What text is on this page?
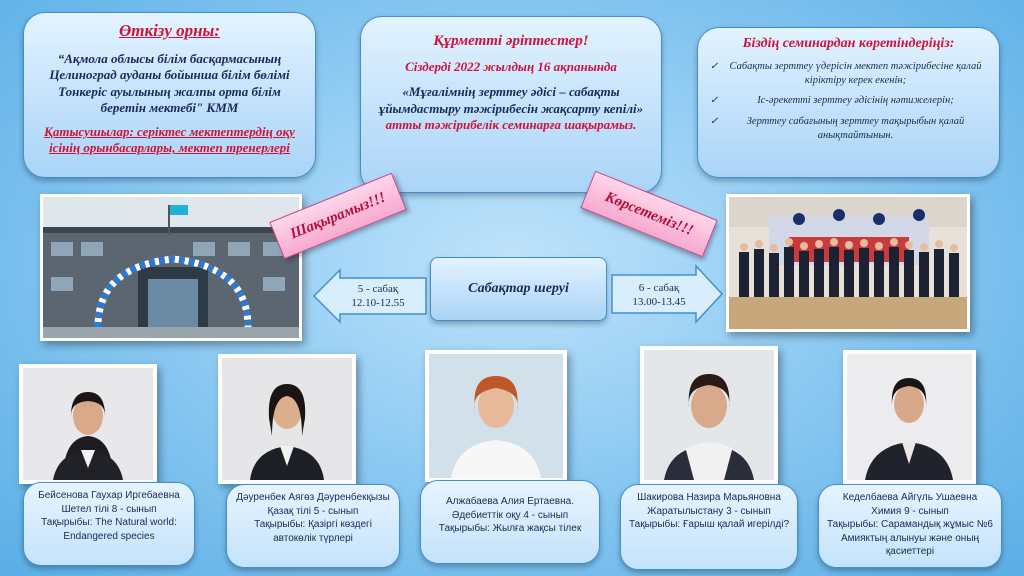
Өткізу орны:
“Ақмола облысы білім басқармасының Целиноград ауданы бойынша білім бөлімі Тонкеріс ауылының жалпы орта білім беретін мектебі" КММ
Қатысушылар: серіктес мектептердің оқу ісінің орынбасарлары, мектеп тренерлері
Құрметті әріптестер!
Сіздерді 2022 жылдың 16 ақпанында
«Мұғалімнің зерттеу әдісі – сабақты ұйымдастыру тәжірибесін жақсарту кепілі» атты тәжірибелік семинарға шақырамыз.
Біздің семинардан көретіндеріңіз:
✓ Сабақты зерттеу үдерісін мектеп тәжірибесіне қалай кіріктіру керек екенін;
✓	Іс-әрекетті зерттеу әдісінің нәтижелерін;
✓	Зерттеу сабағының зерттеу тақырыбын қалай анықтайтынын.
Шақырамыз!!!	Көрсетеміз!!!
5 - сабақ
12.10-12.55
Сабақтар шеруі	6 - сабақ
13.00-13.45
Бейсенова Гаухар Иргебаевна
Шетел тілі 8 - сынып
Тақырыбы: The Natural world: Endangered species
Дәуренбек Аягөз Дәуренбекқызы
Қазақ тілі 5 - сынып
Тақырыбы: Қазіргі көздегі автокөлік түрлері
Алжабаева Алия Ертаевна.
Әдебиеттік оқу 4 - сынып
Тақырыбы: Жылға жақсы тілек
Шакирова Назира Марьяновна
Жаратылыстану 3 - сынып
Тақырыбы: Ғарыш қалай игерілді?
Кеделбаева Айгүль Ушаевна
Химия 9 - сынып
Тақырыбы: Сарамандық жұмыс №6 Амияктың алынуы және оның қасиеттері
